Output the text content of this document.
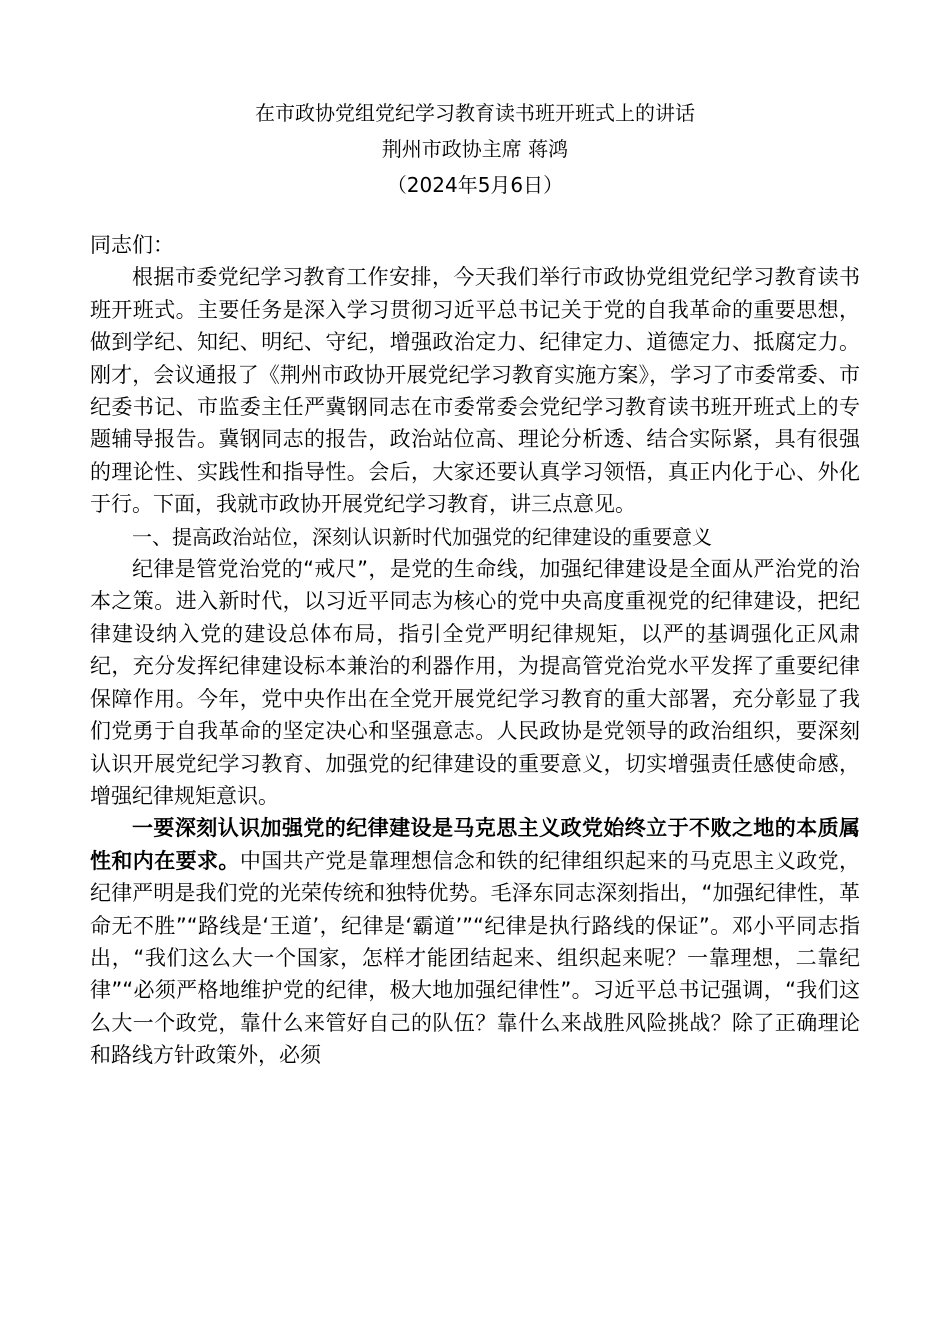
在市政协党组党纪学习教育读书班开班式上的讲话
荆州市政协主席 蒋鸿
（2024年5月6日）

同志们：

根据市委党纪学习教育工作安排，今天我们举行市政协党组党纪学习教育读书班开班式。主要任务是深入学习贯彻习近平总书记关于党的自我革命的重要思想，做到学纪、知纪、明纪、守纪，增强政治定力、纪律定力、道德定力、抵腐定力。刚才，会议通报了《荆州市政协开展党纪学习教育实施方案》，学习了市委常委、市纪委书记、市监委主任严冀钢同志在市委常委会党纪学习教育读书班开班式上的专题辅导报告。冀钢同志的报告，政治站位高、理论分析透、结合实际紧，具有很强的理论性、实践性和指导性。会后，大家还要认真学习领悟，真正内化于心、外化于行。下面，我就市政协开展党纪学习教育，讲三点意见。

一、提高政治站位，深刻认识新时代加强党的纪律建设的重要意义

纪律是管党治党的“戒尺”，是党的生命线，加强纪律建设是全面从严治党的治本之策。进入新时代，以习近平同志为核心的党中央高度重视党的纪律建设，把纪律建设纳入党的建设总体布局，指引全党严明纪律规矩，以严的基调强化正风肃纪，充分发挥纪律建设标本兼治的利器作用，为提高管党治党水平发挥了重要纪律保障作用。今年，党中央作出在全党开展党纪学习教育的重大部署，充分彰显了我们党勇于自我革命的坚定决心和坚强意志。人民政协是党领导的政治组织，要深刻认识开展党纪学习教育、加强党的纪律建设的重要意义，切实增强责任感使命感，增强纪律规矩意识。

一要深刻认识加强党的纪律建设是马克思主义政党始终立于不败之地的本质属性和内在要求。中国共产党是靠理想信念和铁的纪律组织起来的马克思主义政党，纪律严明是我们党的光荣传统和独特优势。毛泽东同志深刻指出，“加强纪律性，革命无不胜”“路线是‘王道’，纪律是‘霸道’”“纪律是执行路线的保证”。邓小平同志指出，“我们这么大一个国家，怎样才能团结起来、组织起来呢？一靠理想，二靠纪律”“必须严格地维护党的纪律，极大地加强纪律性”。习近平总书记强调，“我们这么大一个政党，靠什么来管好自己的队伍？靠什么来战胜风险挑战？除了正确理论和路线方针政策外，必须
